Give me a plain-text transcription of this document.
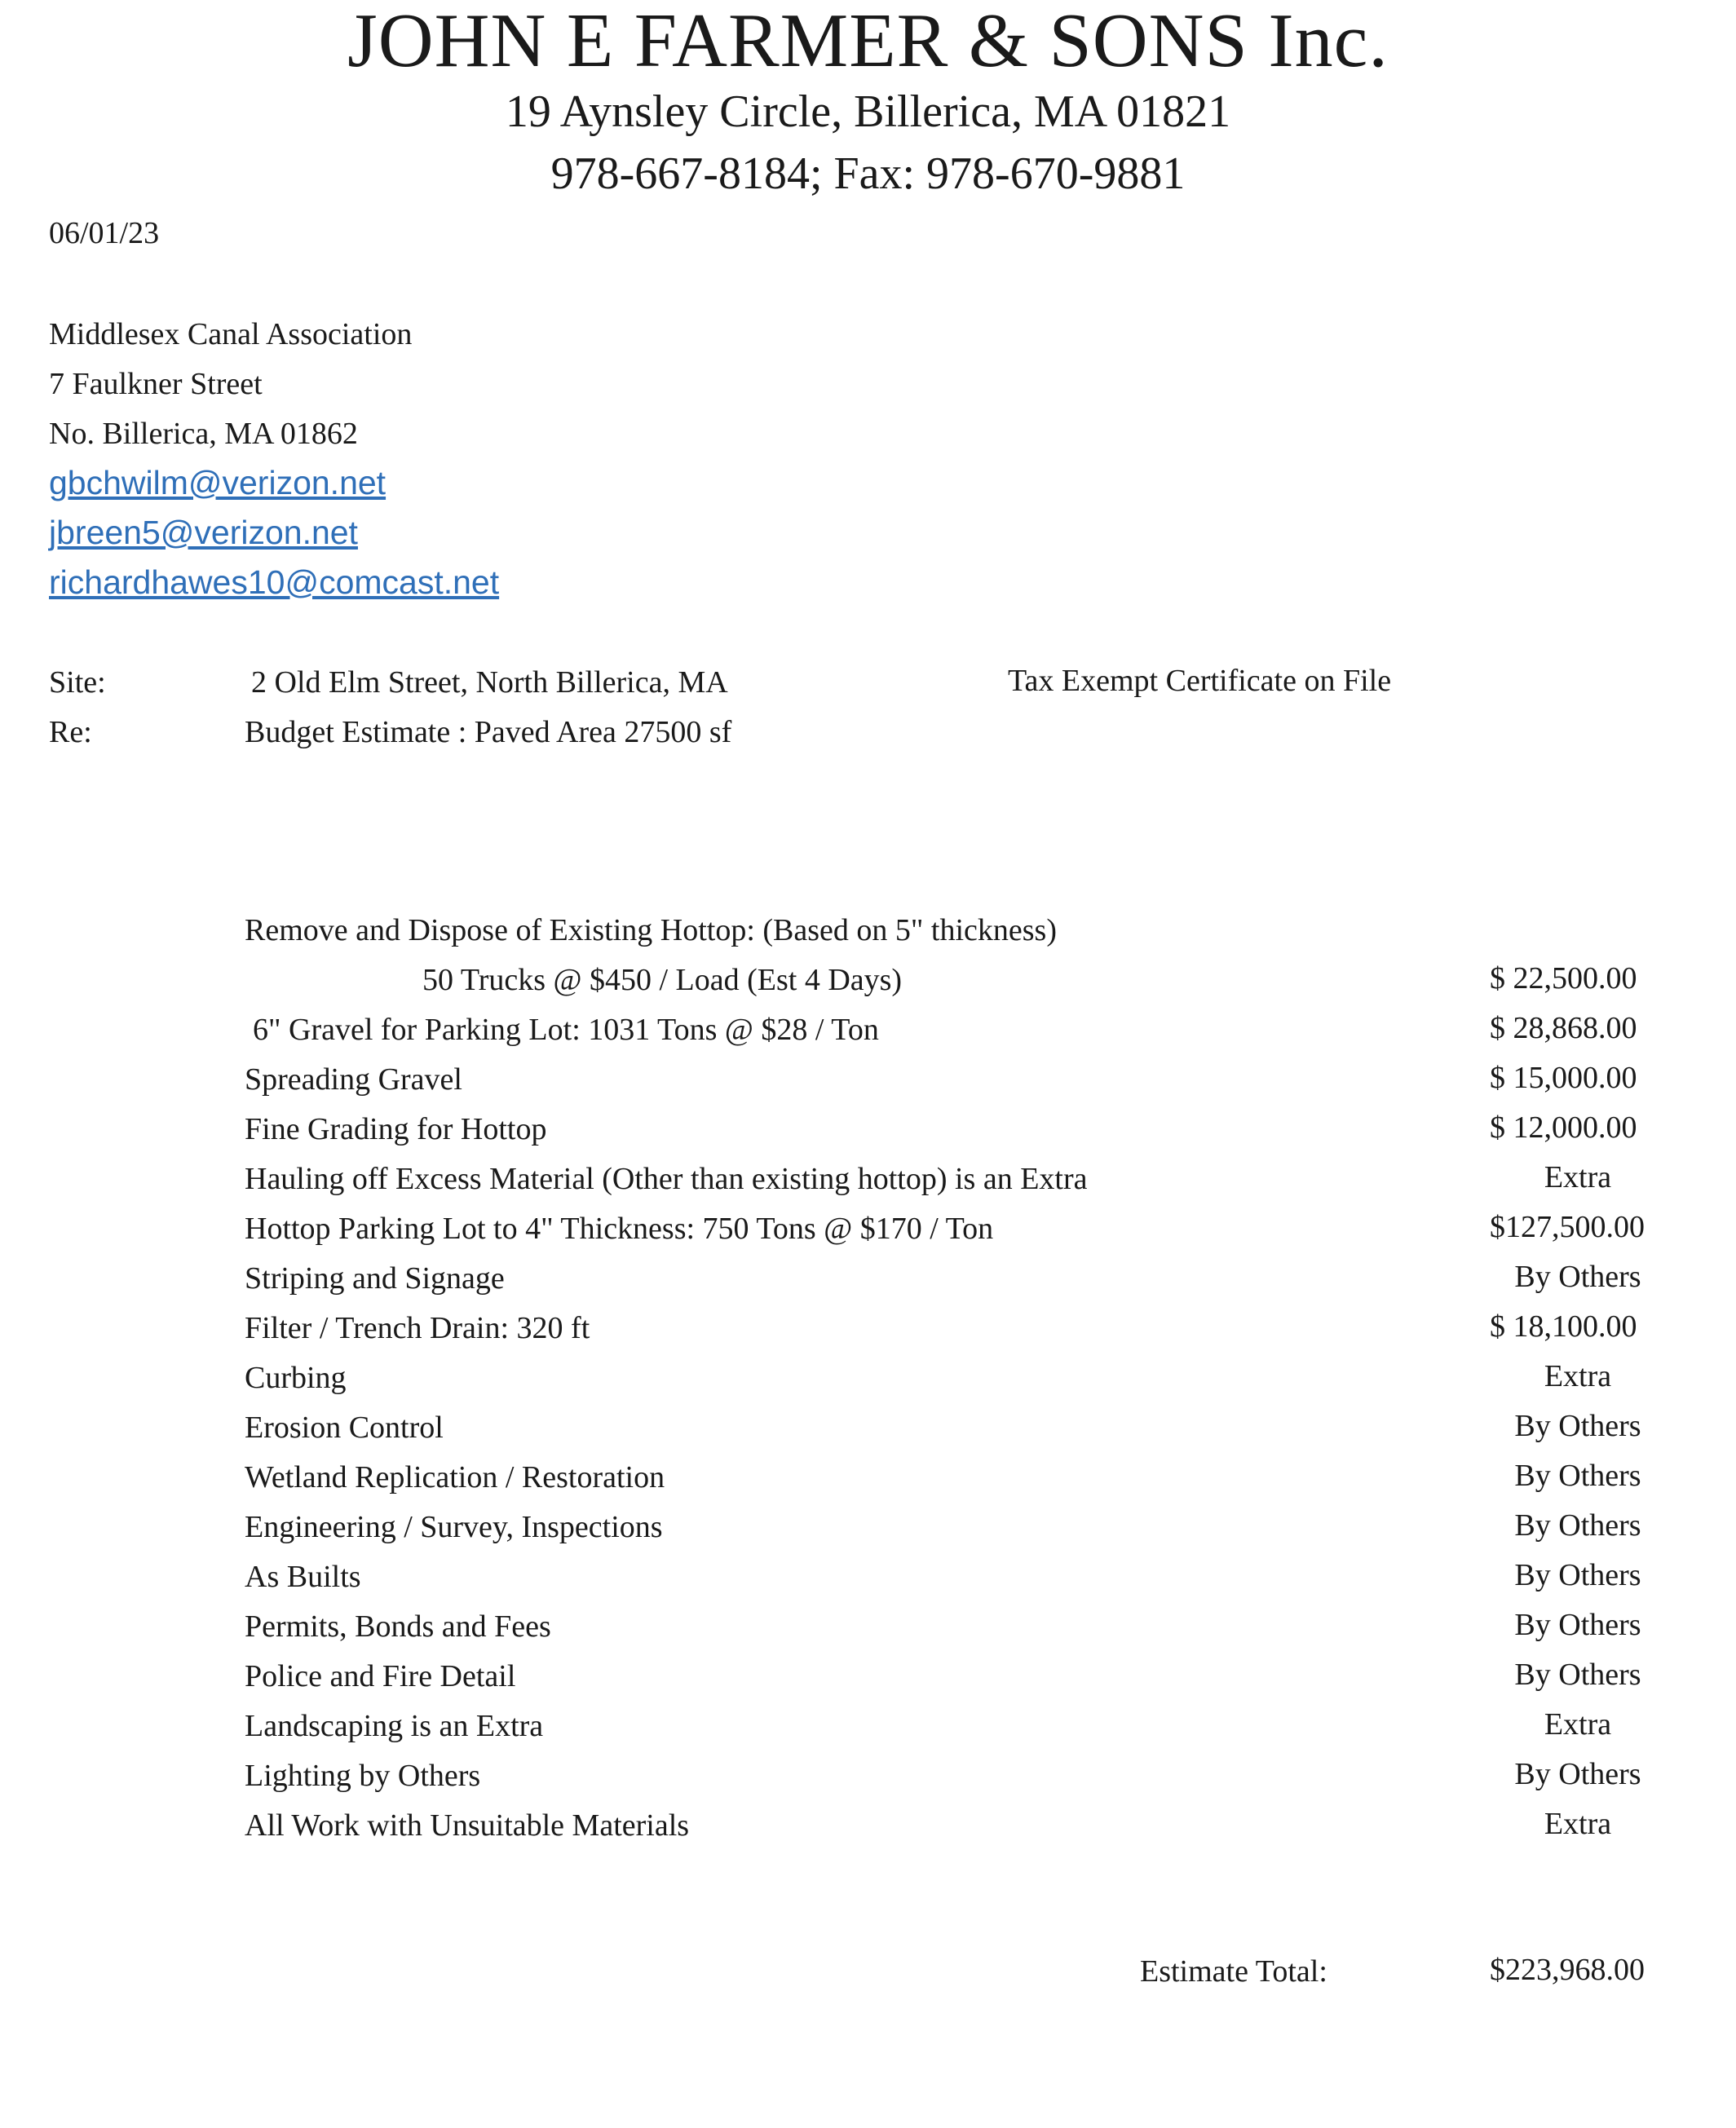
JOHN E FARMER & SONS Inc.
19 Aynsley Circle, Billerica, MA 01821
978-667-8184; Fax: 978-670-9881
06/01/23
Middlesex Canal Association
7 Faulkner Street
No. Billerica, MA 01862
gbchwilm@verizon.net
jbreen5@verizon.net
richardhawes10@comcast.net
Site:	2 Old Elm Street, North Billerica, MA	Tax Exempt Certificate on File
Re:	Budget Estimate : Paved Area 27500 sf
Remove and Dispose of Existing Hottop: (Based on 5" thickness)
50 Trucks @ $450 / Load (Est 4 Days)	$ 22,500.00
6" Gravel for Parking Lot: 1031 Tons @ $28 / Ton	$ 28,868.00
Spreading Gravel	$ 15,000.00
Fine Grading for Hottop	$ 12,000.00
Hauling off Excess Material (Other than existing hottop) is an Extra	Extra
Hottop Parking Lot to 4" Thickness: 750 Tons @ $170 / Ton	$127,500.00
Striping and Signage	By Others
Filter / Trench Drain: 320 ft	$ 18,100.00
Curbing	Extra
Erosion Control	By Others
Wetland Replication / Restoration	By Others
Engineering / Survey, Inspections	By Others
As Builts	By Others
Permits, Bonds and Fees	By Others
Police and Fire Detail	By Others
Landscaping is an Extra	Extra
Lighting by Others	By Others
All Work with Unsuitable Materials	Extra
Estimate Total:	$223,968.00
